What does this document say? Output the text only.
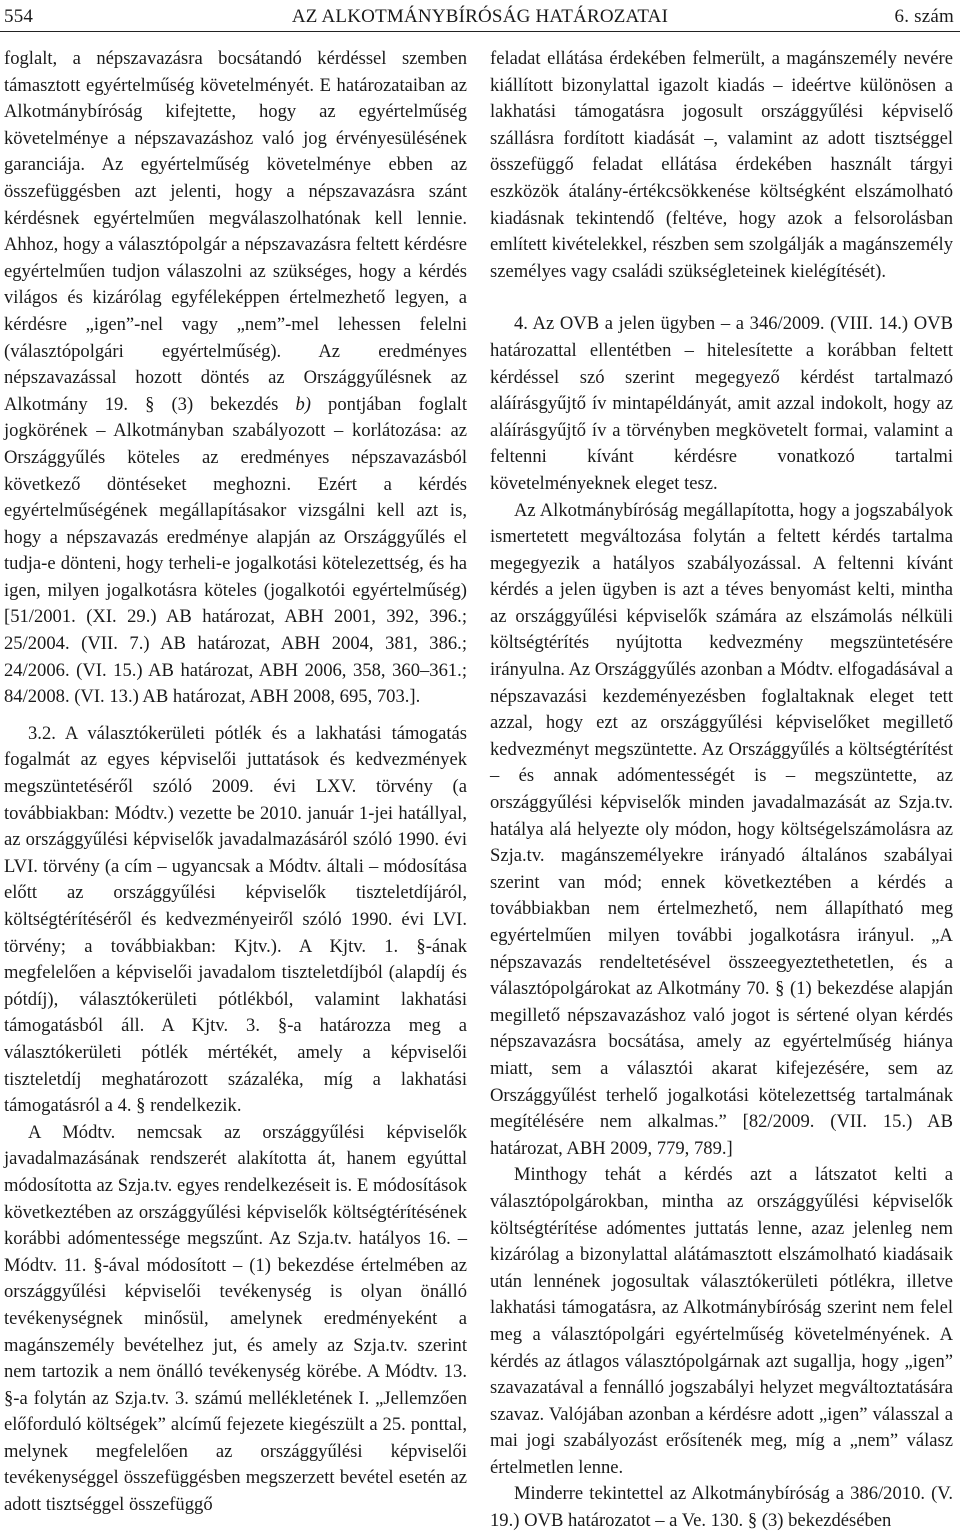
AZ ALKOTMÁNYBÍRÓSÁG HATÁROZATAI
554	6. szám

foglalt, a népszavazásra bocsátandó kérdéssel szemben támasztott egyértelműség követelményét. E határozataiban az Alkotmánybíróság kifejtette, hogy az egyértelműség követelménye a népszavazáshoz való jog érvényesülésének garanciája. Az egyértelműség követelménye ebben az összefüggésben azt jelenti, hogy a népszavazásra szánt kérdésnek egyértelműen megválaszolhatónak kell lennie. Ahhoz, hogy a választópolgár a népszavazásra feltett kérdésre egyértelműen tudjon válaszolni az szükséges, hogy a kérdés világos és kizárólag egyféleképpen értelmezhető legyen, a kérdésre „igen”-nel vagy „nem”-mel lehessen felelni (választópolgári egyértelműség). Az eredményes népszavazással hozott döntés az Országgyűlésnek az Alkotmány 19. § (3) bekezdés b) pontjában foglalt jogkörének – Alkotmányban szabályozott – korlátozása: az Országgyűlés köteles az eredményes népszavazásból következő döntéseket meghozni. Ezért a kérdés egyértelműségének megállapításakor vizsgálni kell azt is, hogy a népszavazás eredménye alapján az Országgyűlés el tudja-e dönteni, hogy terheli-e jogalkotási kötelezettség, és ha igen, milyen jogalkotásra köteles (jogalkotói egyértelműség) [51/2001. (XI. 29.) AB határozat, ABH 2001, 392, 396.; 25/2004. (VII. 7.) AB határozat, ABH 2004, 381, 386.; 24/2006. (VI. 15.) AB határozat, ABH 2006, 358, 360–361.; 84/2008. (VI. 13.) AB határozat, ABH 2008, 695, 703.].

3.2. A választókerületi pótlék és a lakhatási támogatás fogalmát az egyes képviselői juttatások és kedvezmények megszüntetéséről szóló 2009. évi LXV. törvény (a továbbiakban: Módtv.) vezette be 2010. január 1-jei hatállyal, az országgyűlési képviselők javadalmazásáról szóló 1990. évi LVI. törvény (a cím – ugyancsak a Módtv. általi – módosítása előtt az országgyűlési képviselők tiszteletdíjáról, költségtérítéséről és kedvezményeiről szóló 1990. évi LVI. törvény; a továbbiakban: Kjtv.). A Kjtv. 1. §-ának megfelelően a képviselői javadalom tiszteletdíjból (alapdíj és pótdíj), választókerületi pótlékból, valamint lakhatási támogatásból áll. A Kjtv. 3. §-a határozza meg a választókerületi pótlék mértékét, amely a képviselői tiszteletdíj meghatározott százaléka, míg a lakhatási támogatásról a 4. § rendelkezik.

A Módtv. nemcsak az országgyűlési képviselők javadalmazásának rendszerét alakította át, hanem egyúttal módosította az Szja.tv. egyes rendelkezéseit is. E módosítások következtében az országgyűlési képviselők költségtérítésének korábbi adómentessége megszűnt. Az Szja.tv. hatályos 16. – Módtv. 11. §-ával módosított – (1) bekezdése értelmében az országgyűlési képviselői tevékenység is olyan önálló tevékenységnek minősül, amelynek eredményeként a magánszemély bevételhez jut, és amely az Szja.tv. szerint nem tartozik a nem önálló tevékenység körébe. A Módtv. 13. §-a folytán az Szja.tv. 3. számú mellékletének I. „Jellemzően előforduló költségek” alcímű fejezete kiegészült a 25. ponttal, melynek megfelelően az országgyűlési képviselői tevékenységgel összefüggésben megszerzett bevétel esetén az adott tisztséggel összefüggő

feladat ellátása érdekében felmerült, a magánszemély nevére kiállított bizonylattal igazolt kiadás – ideértve különösen a lakhatási támogatásra jogosult országgyűlési képviselő szállásra fordított kiadását –, valamint az adott tisztséggel összefüggő feladat ellátása érdekében használt tárgyi eszközök átalány-értékcsökkenése költségként elszámolható kiadásnak tekintendő (feltéve, hogy azok a felsorolásban említett kivételekkel, részben sem szolgálják a magánszemély személyes vagy családi szükségleteinek kielégítését).

4. Az OVB a jelen ügyben – a 346/2009. (VIII. 14.) OVB határozattal ellentétben – hitelesítette a korábban feltett kérdéssel szó szerint megegyező kérdést tartalmazó aláírásgyűjtő ív mintapéldányát, amit azzal indokolt, hogy az aláírásgyűjtő ív a törvényben megkövetelt formai, valamint a feltenni kívánt kérdésre vonatkozó tartalmi követelményeknek eleget tesz.

Az Alkotmánybíróság megállapította, hogy a jogszabályok ismertetett megváltozása folytán a feltett kérdés tartalma megegyezik a hatályos szabályozással. A feltenni kívánt kérdés a jelen ügyben is azt a téves benyomást kelti, mintha az országgyűlési képviselők számára az elszámolás nélküli költségtérítés nyújtotta kedvezmény megszüntetésére irányulna. Az Országgyűlés azonban a Módtv. elfogadásával a népszavazási kezdeményezésben foglaltaknak eleget tett azzal, hogy ezt az országgyűlési képviselőket megillető kedvezményt megszüntette. Az Országgyűlés a költségtérítést – és annak adómentességét is – megszüntette, az országgyűlési képviselők minden javadalmazását az Szja.tv. hatálya alá helyezte oly módon, hogy költségelszámolásra az Szja.tv. magánszemélyekre irányadó általános szabályai szerint van mód; ennek következtében a kérdés a továbbiakban nem értelmezhető, nem állapítható meg egyértelműen milyen további jogalkotásra irányul. „A népszavazás rendeltetésével összeegyeztethetetlen, és a választópolgárokat az Alkotmány 70. § (1) bekezdése alapján megillető népszavazáshoz való jogot is sértené olyan kérdés népszavazásra bocsátása, amely az egyértelműség hiánya miatt, sem a választói akarat kifejezésére, sem az Országgyűlést terhelő jogalkotási kötelezettség tartalmának megítélésére nem alkalmas.” [82/2009. (VII. 15.) AB határozat, ABH 2009, 779, 789.]

Minthogy tehát a kérdés azt a látszatot kelti a választópolgárokban, mintha az országgyűlési képviselők költségtérítése adómentes juttatás lenne, azaz jelenleg nem kizárólag a bizonylattal alátámasztott elszámolható kiadásaik után lennének jogosultak választókerületi pótlékra, illetve lakhatási támogatásra, az Alkotmánybíróság szerint nem felel meg a választópolgári egyértelműség követelményének. A kérdés az átlagos választópolgárnak azt sugallja, hogy „igen” szavazatával a fennálló jogszabályi helyzet megváltoztatására szavaz. Valójában azonban a kérdésre adott „igen” válasszal a mai jogi szabályozást erősítenék meg, míg a „nem” válasz értelmetlen lenne.

Minderre tekintettel az Alkotmánybíróság a 386/2010. (V. 19.) OVB határozatot – a Ve. 130. § (3) bekezdésében
